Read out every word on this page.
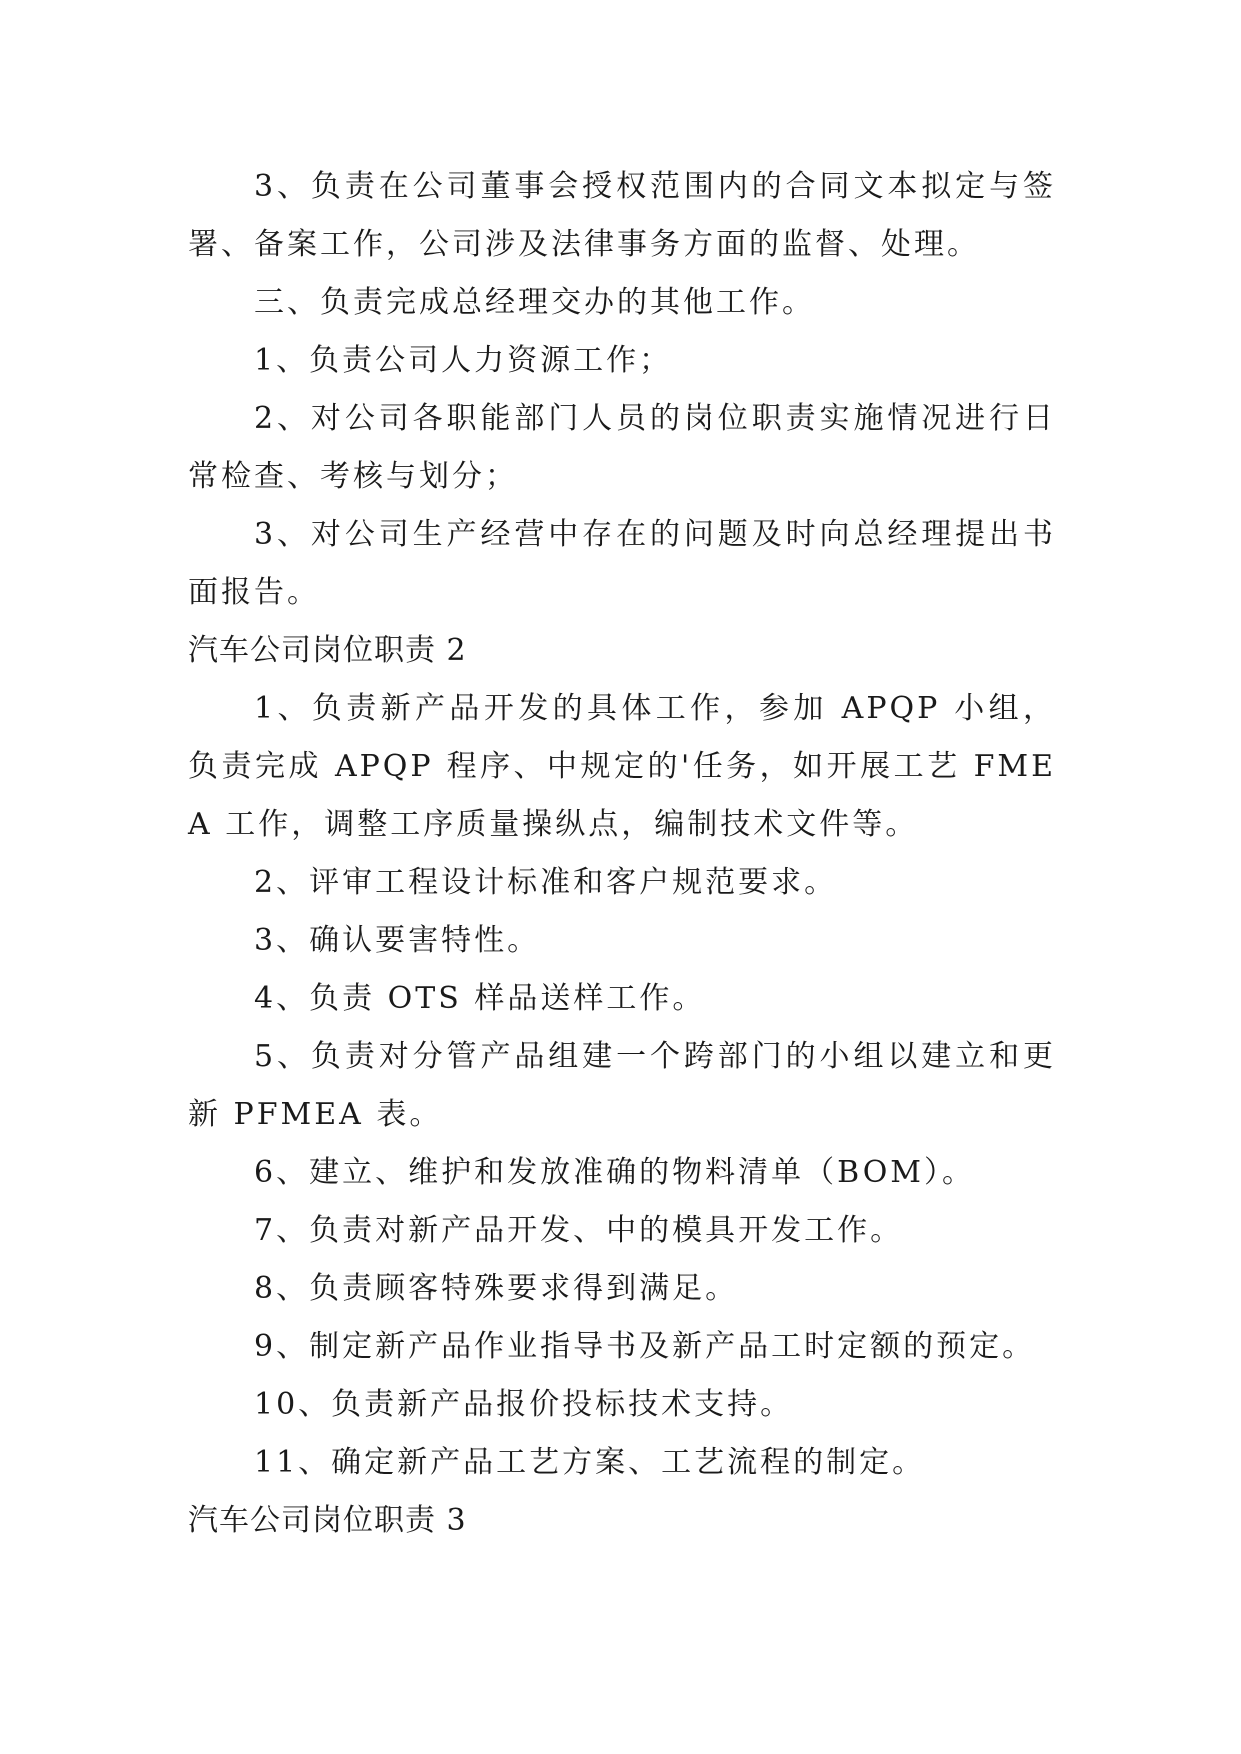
3、负责在公司董事会授权范围内的合同文本拟定与签署、备案工作，公司涉及法律事务方面的监督、处理。

三、负责完成总经理交办的其他工作。

1、负责公司人力资源工作；

2、对公司各职能部门人员的岗位职责实施情况进行日常检查、考核与划分；

3、对公司生产经营中存在的问题及时向总经理提出书面报告。

汽车公司岗位职责 2

1、负责新产品开发的具体工作，参加 APQP 小组，负责完成 APQP 程序、中规定的'任务，如开展工艺 FMEA 工作，调整工序质量操纵点，编制技术文件等。

2、评审工程设计标准和客户规范要求。

3、确认要害特性。

4、负责 OTS 样品送样工作。

5、负责对分管产品组建一个跨部门的小组以建立和更新 PFMEA 表。

6、建立、维护和发放准确的物料清单（BOM）。

7、负责对新产品开发、中的模具开发工作。

8、负责顾客特殊要求得到满足。

9、制定新产品作业指导书及新产品工时定额的预定。

10、负责新产品报价投标技术支持。

11、确定新产品工艺方案、工艺流程的制定。

汽车公司岗位职责 3
